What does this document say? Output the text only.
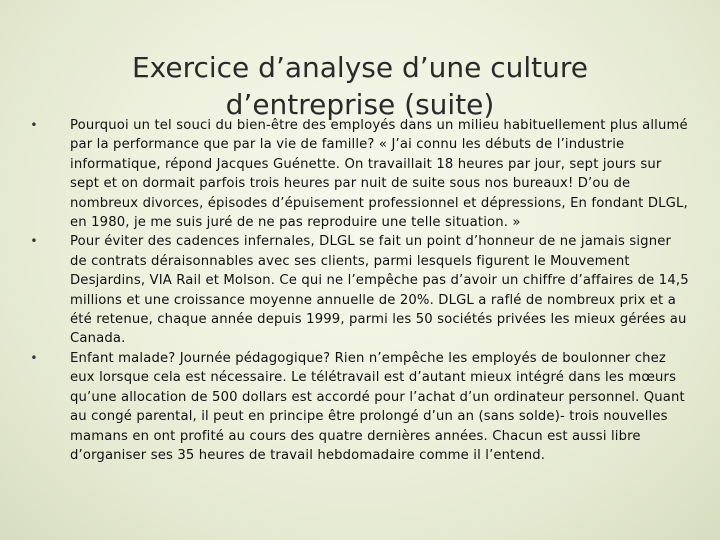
Exercice d’analyse d’une culture
d’entreprise (suite)
• Pourquoi un tel souci du bien-être des employés dans un milieu habituellement plus allumé par la performance que par la vie de famille? « J’ai connu les débuts de l’industrie informatique, répond Jacques Guénette. On travaillait 18 heures par jour, sept jours sur sept et on dormait parfois trois heures par nuit de suite sous nos bureaux! D’ou de nombreux divorces, épisodes d’épuisement professionnel et dépressions, En fondant DLGL, en 1980, je me suis juré de ne pas reproduire une telle situation. »
• Pour éviter des cadences infernales, DLGL se fait un point d’honneur de ne jamais signer de contrats déraisonnables avec ses clients, parmi lesquels figurent le Mouvement Desjardins, VIA Rail et Molson. Ce qui ne l’empêche pas d’avoir un chiffre d’affaires de 14,5 millions et une croissance moyenne annuelle de 20%. DLGL a raflé de nombreux prix et a été retenue, chaque année depuis 1999, parmi les 50 sociétés privées les mieux gérées au Canada.
• Enfant malade? Journée pédagogique? Rien n’empêche les employés de boulonner chez eux lorsque cela est nécessaire. Le télétravail est d’autant mieux intégré dans les mœurs qu’une allocation de 500 dollars est accordé pour l’achat d’un ordinateur personnel. Quant au congé parental, il peut en principe être prolongé d’un an (sans solde)- trois nouvelles mamans en ont profité au cours des quatre dernières années. Chacun est aussi libre d’organiser ses 35 heures de travail hebdomadaire comme il l’entend.
